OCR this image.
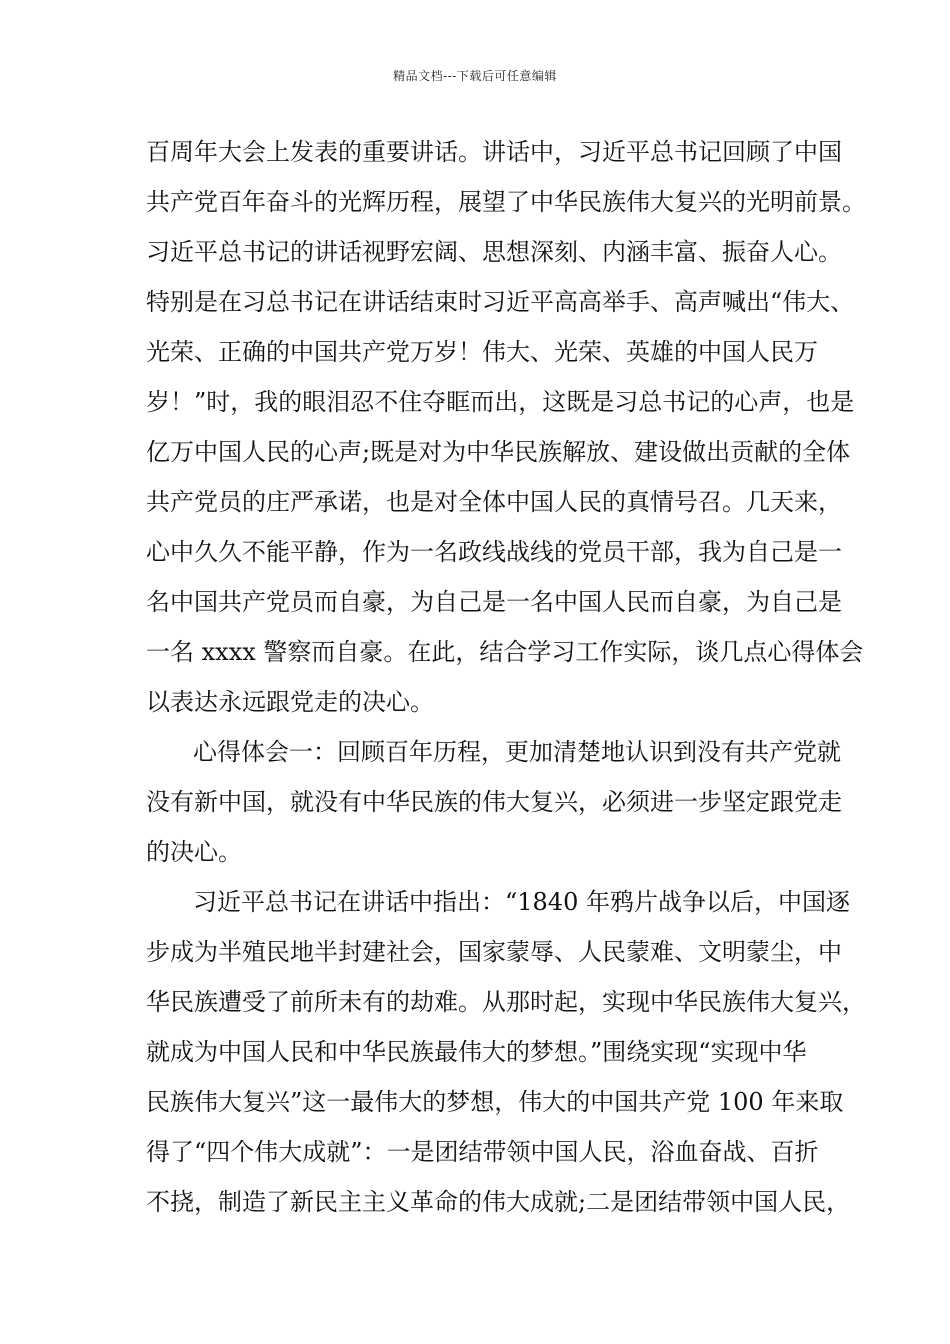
精品文档---下载后可任意编辑
百周年大会上发表的重要讲话。讲话中，习近平总书记回顾了中国
共产党百年奋斗的光辉历程，展望了中华民族伟大复兴的光明前景。
习近平总书记的讲话视野宏阔、思想深刻、内涵丰富、振奋人心。
特别是在习总书记在讲话结束时习近平高高举手、高声喊出“伟大、
光荣、正确的中国共产党万岁！伟大、光荣、英雄的中国人民万
岁！”时，我的眼泪忍不住夺眶而出，这既是习总书记的心声，也是
亿万中国人民的心声;既是对为中华民族解放、建设做出贡献的全体
共产党员的庄严承诺，也是对全体中国人民的真情号召。几天来，
心中久久不能平静，作为一名政线战线的党员干部，我为自己是一
名中国共产党员而自豪，为自己是一名中国人民而自豪，为自己是
一名 xxxx 警察而自豪。在此，结合学习工作实际，谈几点心得体会
以表达永远跟党走的决心。
心得体会一：回顾百年历程，更加清楚地认识到没有共产党就
没有新中国，就没有中华民族的伟大复兴，必须进一步坚定跟党走
的决心。
习近平总书记在讲话中指出：“1840 年鸦片战争以后，中国逐
步成为半殖民地半封建社会，国家蒙辱、人民蒙难、文明蒙尘，中
华民族遭受了前所未有的劫难。从那时起，实现中华民族伟大复兴，
就成为中国人民和中华民族最伟大的梦想。”围绕实现“实现中华
民族伟大复兴”这一最伟大的梦想，伟大的中国共产党 100 年来取
得了“四个伟大成就”：一是团结带领中国人民，浴血奋战、百折
不挠，制造了新民主主义革命的伟大成就;二是团结带领中国人民，
